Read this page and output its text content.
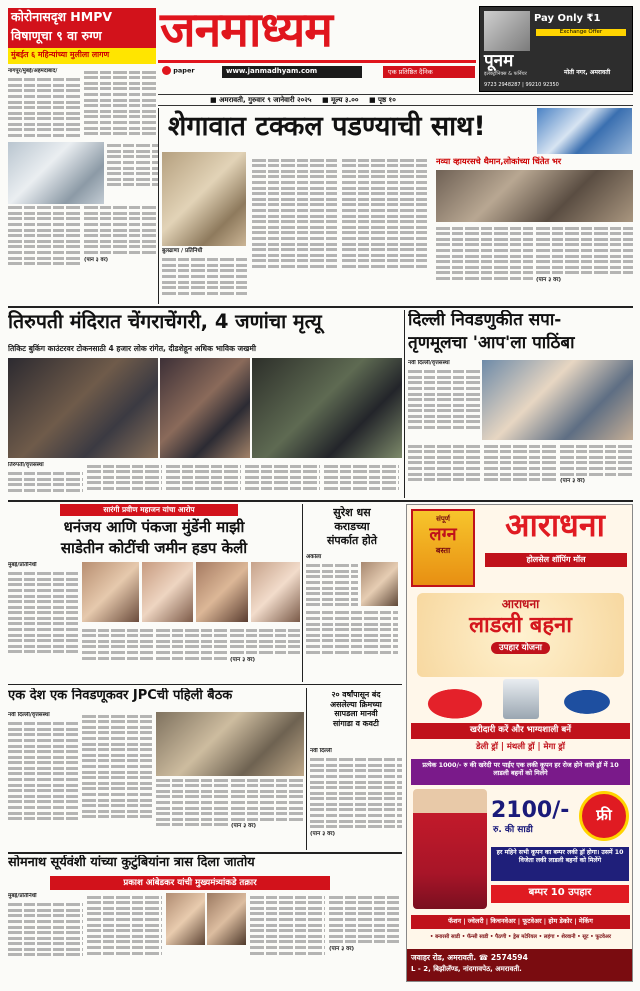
कोरोनासदृश HMPV
विषाणूचा ९ वा रुग्ण
मुंबईत ६ महिन्यांच्या मुलीला लागण	जनमाध्यम
paper	www.janmadhyam.com	एक प्रतिष्ठित दैनिक
Pay Only ₹1
Exchange Offer
पूनम
इलेक्ट्रॉनिक्स & फर्निचर	मोती नगर, अमरावती
9723 2948287 | 99210 92350
■ अमरावती, गुरुवार ९ जानेवारी २०२५ ■ मूल्य ३.०० ■ पृष्ठ १०
नागपूर/मुंबई/अहमदाबाद/
(पान ३ वर)
शेगावात टक्कल पडण्याची साथ!
बुलढाणा / प्रतिनिधी
नव्या व्हायरसचे थैमान,लोकांच्या चिंतेत भर
(पान ३ वर)
तिरुपती मंदिरात चेंगराचेंगरी, 4 जणांचा मृत्यू
तिकिट बुकिंग काउंटरवर टोकनसाठी 4 हजार लोक रांगेत, दीडशेहून अधिक भाविक जखमी
तिरुपती/वृत्तसंस्था
दिल्ली निवडणुकीत सपा-
तृणमूलचा 'आप'ला पाठिंबा
नवी दिल्ली/वृत्तसंस्था
(पान ३ वर)
सारंगी प्रवीण महाजन यांचा आरोप
धनंजय आणि पंकजा मुंडेंनी माझी
साडेतीन कोटींची जमीन हडप केली
मुंबई/प्रतिनिधी
(पान ३ वर)
सुरेश धस
कराडच्या
संपर्कात होते
अकोला
एक देश एक निवडणूकवर JPCची पहिली बैठक
नवी दिल्ली/वृत्तसंस्था
(पान ३ वर)
२० वर्षांपासून बंद
असलेल्या क्रिमच्या
सापडला मानवी
सांगाडा व कवटी
नवी दिल्ली
(पान ३ वर)
संपूर्ण
लग्न
बस्ता
आराधना
होलसेल शॉपिंग मॉल
आराधना
लाडली बहना
उपहार योजना
खरीदारी करें और भाग्यशाली बनें
डेली ड्रॉ | मंथली ड्रॉ | मेगा ड्रॉ
प्रत्येक 1000/- रु की खरेदी पर पाईए एक लकी कूपन हर रोज होने वाले ड्रॉ में 10 लाडली बहनों को मिलेंगे
2100/-
रु. की साडी
फ्री
हर महिने सभी कूपन का बम्पर लकी ड्रॉ होगा। उसमें 10 विजेता लकी लाडली बहनों को मिलेंगे
बम्पर 10 उपहार
फॅशन | ज्वेलरी | किचनवेअर | फूटवेअर | होम डेकोर | मेकिंग
• बनारसी साडी • फॅन्सी साडी • पैठणी • ड्रेस मटेरियल • लहंगा • शेरवानी • सूट • फूटवेअर
जवाहर रोड, अमरावती. ☎ 2574594
L - 2, बिझीलॅण्ड, नांदगावपेठ, अमरावती.
सोमनाथ सूर्यवंशी यांच्या कुटुंबियांना त्रास दिला जातोय
प्रकाश आंबेडकर यांची मुख्यमंत्र्यांकडे तक्रार
मुंबई/प्रतिनिधी
(पान ३ वर)
